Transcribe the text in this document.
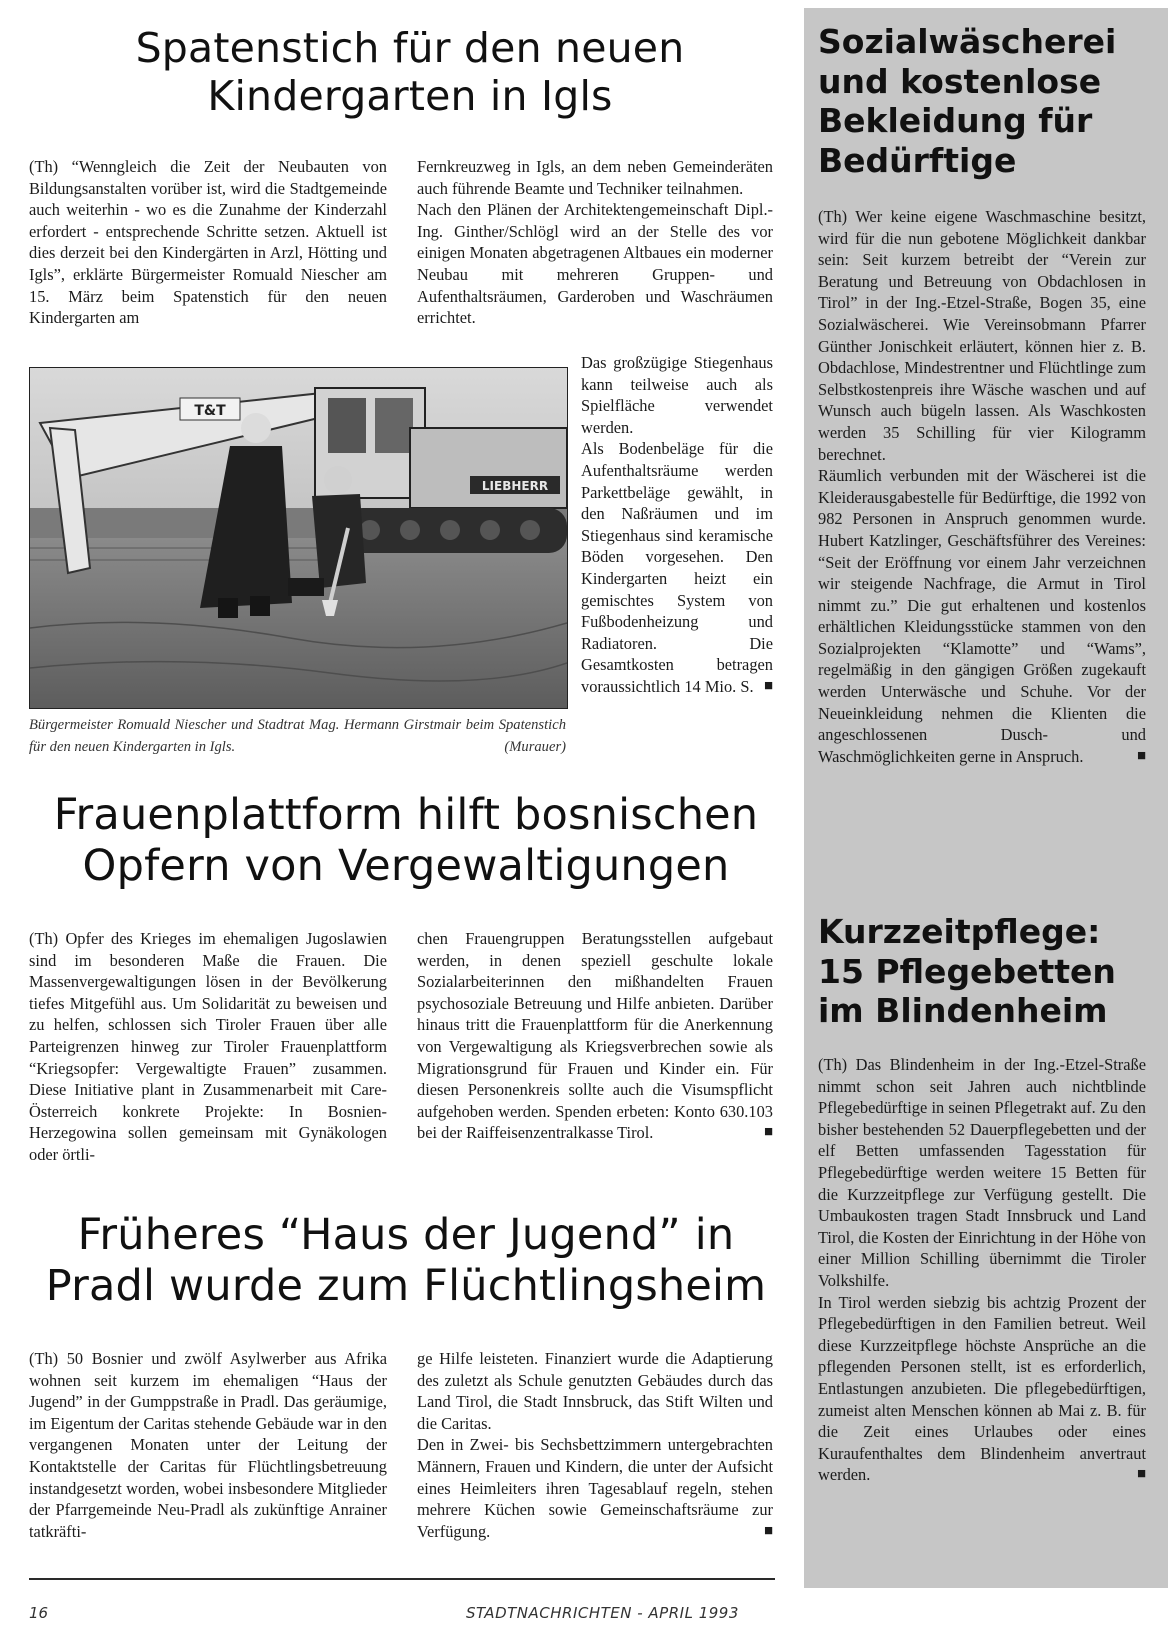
Spatenstich für den neuen
Kindergarten in Igls

(Th) “Wenngleich die Zeit der Neubauten von Bildungsanstalten vorüber ist, wird die Stadtgemeinde auch weiterhin - wo es die Zunahme der Kinderzahl erfordert - entsprechende Schritte setzen. Aktuell ist dies derzeit bei den Kindergärten in Arzl, Hötting und Igls”, erklärte Bürgermeister Romuald Niescher am 15. März beim Spatenstich für den neuen Kindergarten am

Fernkreuzweg in Igls, an dem neben Gemeinderäten auch führende Beamte und Techniker teilnahmen.

Nach den Plänen der Architektengemeinschaft Dipl.-Ing. Ginther/Schlögl wird an der Stelle des vor einigen Monaten abgetragenen Altbaues ein moderner Neubau mit mehreren Gruppen- und Aufenthaltsräumen, Garderoben und Waschräumen errichtet.

T&T
LIEBHERR
Bürgermeister Romuald Niescher und Stadtrat Mag. Hermann Girstmair beim Spatenstich für den neuen Kindergarten in Igls.	(Murauer)

Das großzügige Stiegenhaus kann teilweise auch als Spielfläche verwendet werden.

Als Bodenbeläge für die Aufenthaltsräume werden Parkettbeläge gewählt, in den Naßräumen und im Stiegenhaus sind keramische Böden vorgesehen. Den Kindergarten heizt ein gemischtes System von Fußbodenheizung und Radiatoren. Die Gesamtkosten betragen voraussichtlich 14 Mio. S. ■

Frauenplattform hilft bosnischen
Opfern von Vergewaltigungen

(Th) Opfer des Krieges im ehemaligen Jugoslawien sind im besonderen Maße die Frauen. Die Massenvergewaltigungen lösen in der Bevölkerung tiefes Mitgefühl aus. Um Solidarität zu beweisen und zu helfen, schlossen sich Tiroler Frauen über alle Parteigrenzen hinweg zur Tiroler Frauenplattform “Kriegsopfer: Vergewaltigte Frauen” zusammen. Diese Initiative plant in Zusammenarbeit mit Care-Österreich konkrete Projekte: In Bosnien-Herzegowina sollen gemeinsam mit Gynäkologen oder örtli-

chen Frauengruppen Beratungsstellen aufgebaut werden, in denen speziell geschulte lokale Sozialarbeiterinnen den mißhandelten Frauen psychosoziale Betreuung und Hilfe anbieten. Darüber hinaus tritt die Frauenplattform für die Anerkennung von Vergewaltigung als Kriegsverbrechen sowie als Migrationsgrund für Frauen und Kinder ein. Für diesen Personenkreis sollte auch die Visumspflicht aufgehoben werden. Spenden erbeten: Konto 630.103 bei der Raiffeisenzentralkasse Tirol. ■

Früheres “Haus der Jugend” in
Pradl wurde zum Flüchtlingsheim

(Th) 50 Bosnier und zwölf Asylwerber aus Afrika wohnen seit kurzem im ehemaligen “Haus der Jugend” in der Gumppstraße in Pradl. Das geräumige, im Eigentum der Caritas stehende Gebäude war in den vergangenen Monaten unter der Leitung der Kontaktstelle der Caritas für Flüchtlingsbetreuung instandgesetzt worden, wobei insbesondere Mitglieder der Pfarrgemeinde Neu-Pradl als zukünftige Anrainer tatkräfti-

ge Hilfe leisteten. Finanziert wurde die Adaptierung des zuletzt als Schule genutzten Gebäudes durch das Land Tirol, die Stadt Innsbruck, das Stift Wilten und die Caritas.

Den in Zwei- bis Sechsbettzimmern untergebrachten Männern, Frauen und Kindern, die unter der Aufsicht eines Heimleiters ihren Tagesablauf regeln, stehen mehrere Küchen sowie Gemeinschaftsräume zur Verfügung. ■

Sozialwäscherei
und kostenlose
Bekleidung für
Bedürftige

(Th) Wer keine eigene Waschmaschine besitzt, wird für die nun gebotene Möglichkeit dankbar sein: Seit kurzem betreibt der “Verein zur Beratung und Betreuung von Obdachlosen in Tirol” in der Ing.-Etzel-Straße, Bogen 35, eine Sozialwäscherei. Wie Vereinsobmann Pfarrer Günther Jonischkeit erläutert, können hier z. B. Obdachlose, Mindestrentner und Flüchtlinge zum Selbstkostenpreis ihre Wäsche waschen und auf Wunsch auch bügeln lassen. Als Waschkosten werden 35 Schilling für vier Kilogramm berechnet.

Räumlich verbunden mit der Wäscherei ist die Kleiderausgabestelle für Bedürftige, die 1992 von 982 Personen in Anspruch genommen wurde. Hubert Katzlinger, Geschäftsführer des Vereines: “Seit der Eröffnung vor einem Jahr verzeichnen wir steigende Nachfrage, die Armut in Tirol nimmt zu.” Die gut erhaltenen und kostenlos erhältlichen Kleidungsstücke stammen von den Sozialprojekten “Klamotte” und “Wams”, regelmäßig in den gängigen Größen zugekauft werden Unterwäsche und Schuhe. Vor der Neueinkleidung nehmen die Klienten die angeschlossenen Dusch- und Waschmöglichkeiten gerne in Anspruch. ■

Kurzzeitpflege:
15 Pflegebetten
im Blindenheim

(Th) Das Blindenheim in der Ing.-Etzel-Straße nimmt schon seit Jahren auch nichtblinde Pflegebedürftige in seinen Pflegetrakt auf. Zu den bisher bestehenden 52 Dauerpflegebetten und der elf Betten umfassenden Tagesstation für Pflegebedürftige werden weitere 15 Betten für die Kurzzeitpflege zur Verfügung gestellt. Die Umbaukosten tragen Stadt Innsbruck und Land Tirol, die Kosten der Einrichtung in der Höhe von einer Million Schilling übernimmt die Tiroler Volkshilfe.

In Tirol werden siebzig bis achtzig Prozent der Pflegebedürftigen in den Familien betreut. Weil diese Kurzzeitpflege höchste Ansprüche an die pflegenden Personen stellt, ist es erforderlich, Entlastungen anzubieten. Die pflegebedürftigen, zumeist alten Menschen können ab Mai z. B. für die Zeit eines Urlaubes oder eines Kuraufenthaltes dem Blindenheim anvertraut werden. ■

16	STADTNACHRICHTEN - APRIL 1993
